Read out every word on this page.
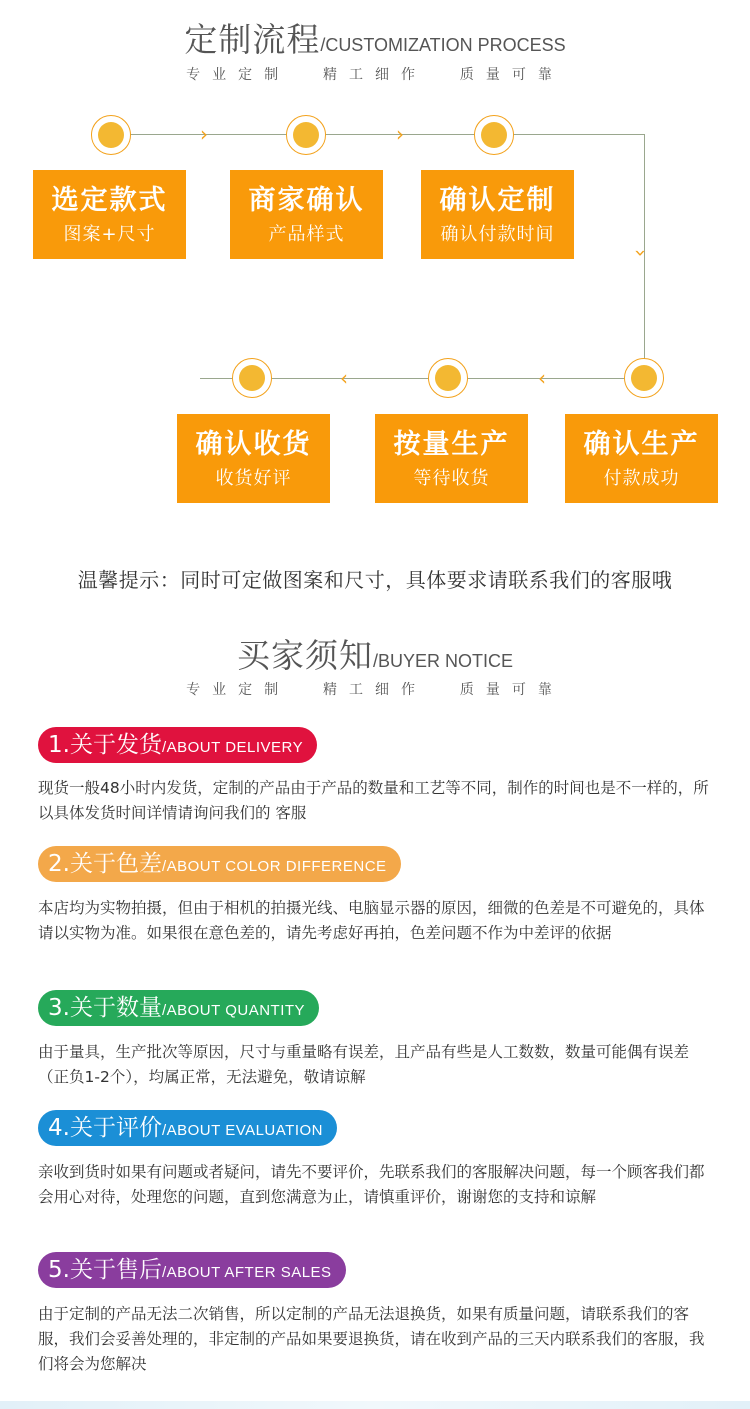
定制流程/CUSTOMIZATION PROCESS
专业定制  精工细作  质量可靠
›	›
›
‹
‹
选定款式
图案+尺寸
商家确认
产品样式
确认定制
确认付款时间
确认生产
付款成功
按量生产
等待收货
确认收货
收货好评
温馨提示：同时可定做图案和尺寸，具体要求请联系我们的客服哦
买家须知/BUYER NOTICE
专业定制  精工细作  质量可靠
1.关于发货/ABOUT DELIVERY
现货一般48小时内发货，定制的产品由于产品的数量和工艺等不同，制作的时间也是不一样的，所以具体发货时间详情请询问我们的 客服
2.关于色差/ABOUT COLOR DIFFERENCE
本店均为实物拍摄，但由于相机的拍摄光线、电脑显示器的原因，细微的色差是不可避免的，具体请以实物为准。如果很在意色差的，请先考虑好再拍，色差问题不作为中差评的依据
3.关于数量/ABOUT QUANTITY
由于量具，生产批次等原因，尺寸与重量略有误差，且产品有些是人工数数，数量可能偶有误差（正负1-2个），均属正常，无法避免，敬请谅解
4.关于评价/ABOUT EVALUATION
亲收到货时如果有问题或者疑问，请先不要评价，先联系我们的客服解决问题，每一个顾客我们都会用心对待，处理您的问题，直到您满意为止，请慎重评价，谢谢您的支持和谅解
5.关于售后/ABOUT AFTER SALES
由于定制的产品无法二次销售，所以定制的产品无法退换货，如果有质量问题，请联系我们的客服，我们会妥善处理的，非定制的产品如果要退换货，请在收到产品的三天内联系我们的客服，我们将会为您解决
